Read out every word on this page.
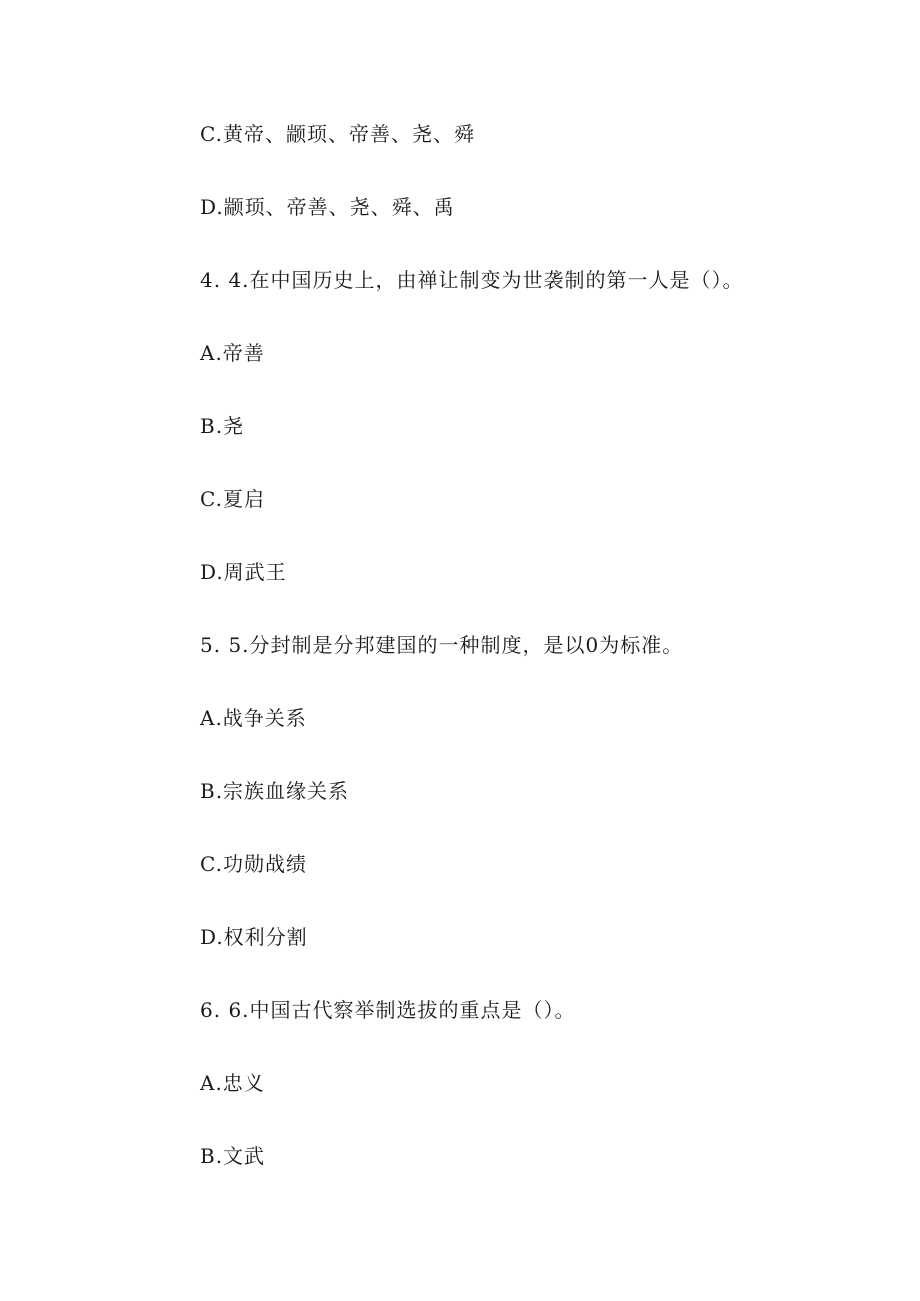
C.黄帝、颛顼、帝善、尧、舜
D.颛顼、帝善、尧、舜、禹
4. 4.在中国历史上，由禅让制变为世袭制的第一人是（）。
A.帝善
B.尧
C.夏启
D.周武王
5. 5.分封制是分邦建国的一种制度，是以0为标准。
A.战争关系
B.宗族血缘关系
C.功勋战绩
D.权利分割
6. 6.中国古代察举制选拔的重点是（）。
A.忠义
B.文武
